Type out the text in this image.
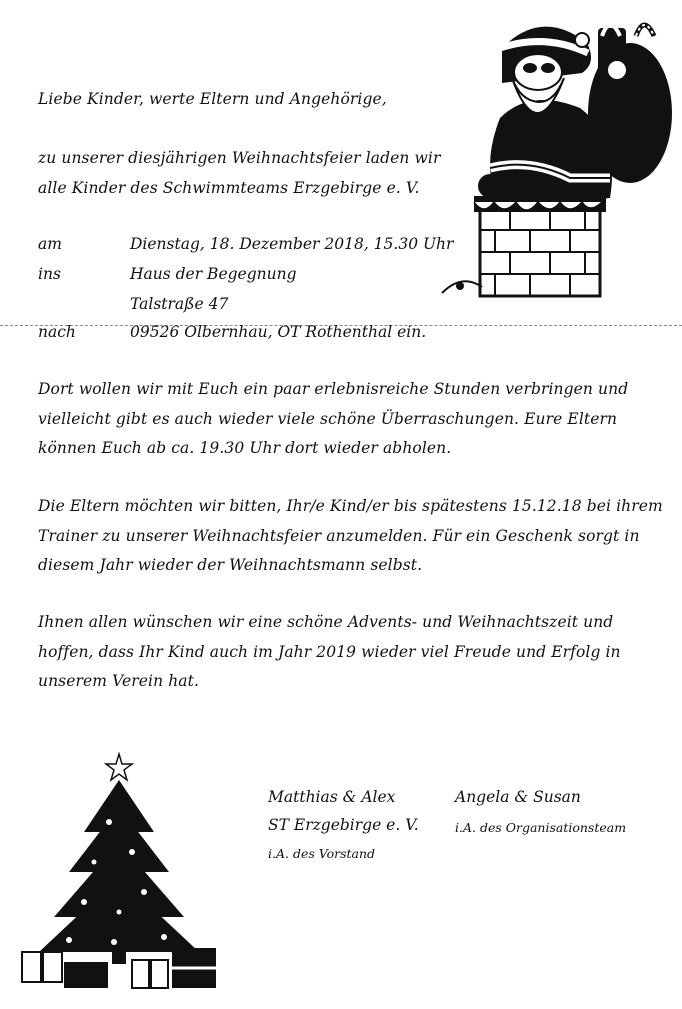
Liebe Kinder, werte Eltern und Angehörige,
zu unserer diesjährigen Weihnachtsfeier laden wir
alle Kinder des Schwimmteams Erzgebirge e. V.
am	Dienstag, 18. Dezember 2018, 15.30 Uhr
ins	Haus der Begegnung
Talstraße 47
nach	09526 Olbernhau, OT Rothenthal ein.
Dort wollen wir mit Euch ein paar erlebnisreiche Stunden verbringen und
vielleicht gibt es auch wieder viele schöne Überraschungen. Eure Eltern
können Euch ab ca. 19.30 Uhr dort wieder abholen.
Die Eltern möchten wir bitten, Ihr/e Kind/er bis spätestens 15.12.18 bei ihrem
Trainer zu unserer Weihnachtsfeier anzumelden. Für ein Geschenk sorgt in
diesem Jahr wieder der Weihnachtsmann selbst.
Ihnen allen wünschen wir eine schöne Advents- und Weihnachtszeit und
hoffen, dass Ihr Kind auch im Jahr 2019 wieder viel Freude und Erfolg in
unserem Verein hat.
Matthias & Alex
ST Erzgebirge e. V.
i.A. des Vorstand
Angela & Susan
i.A. des Organisationsteam
